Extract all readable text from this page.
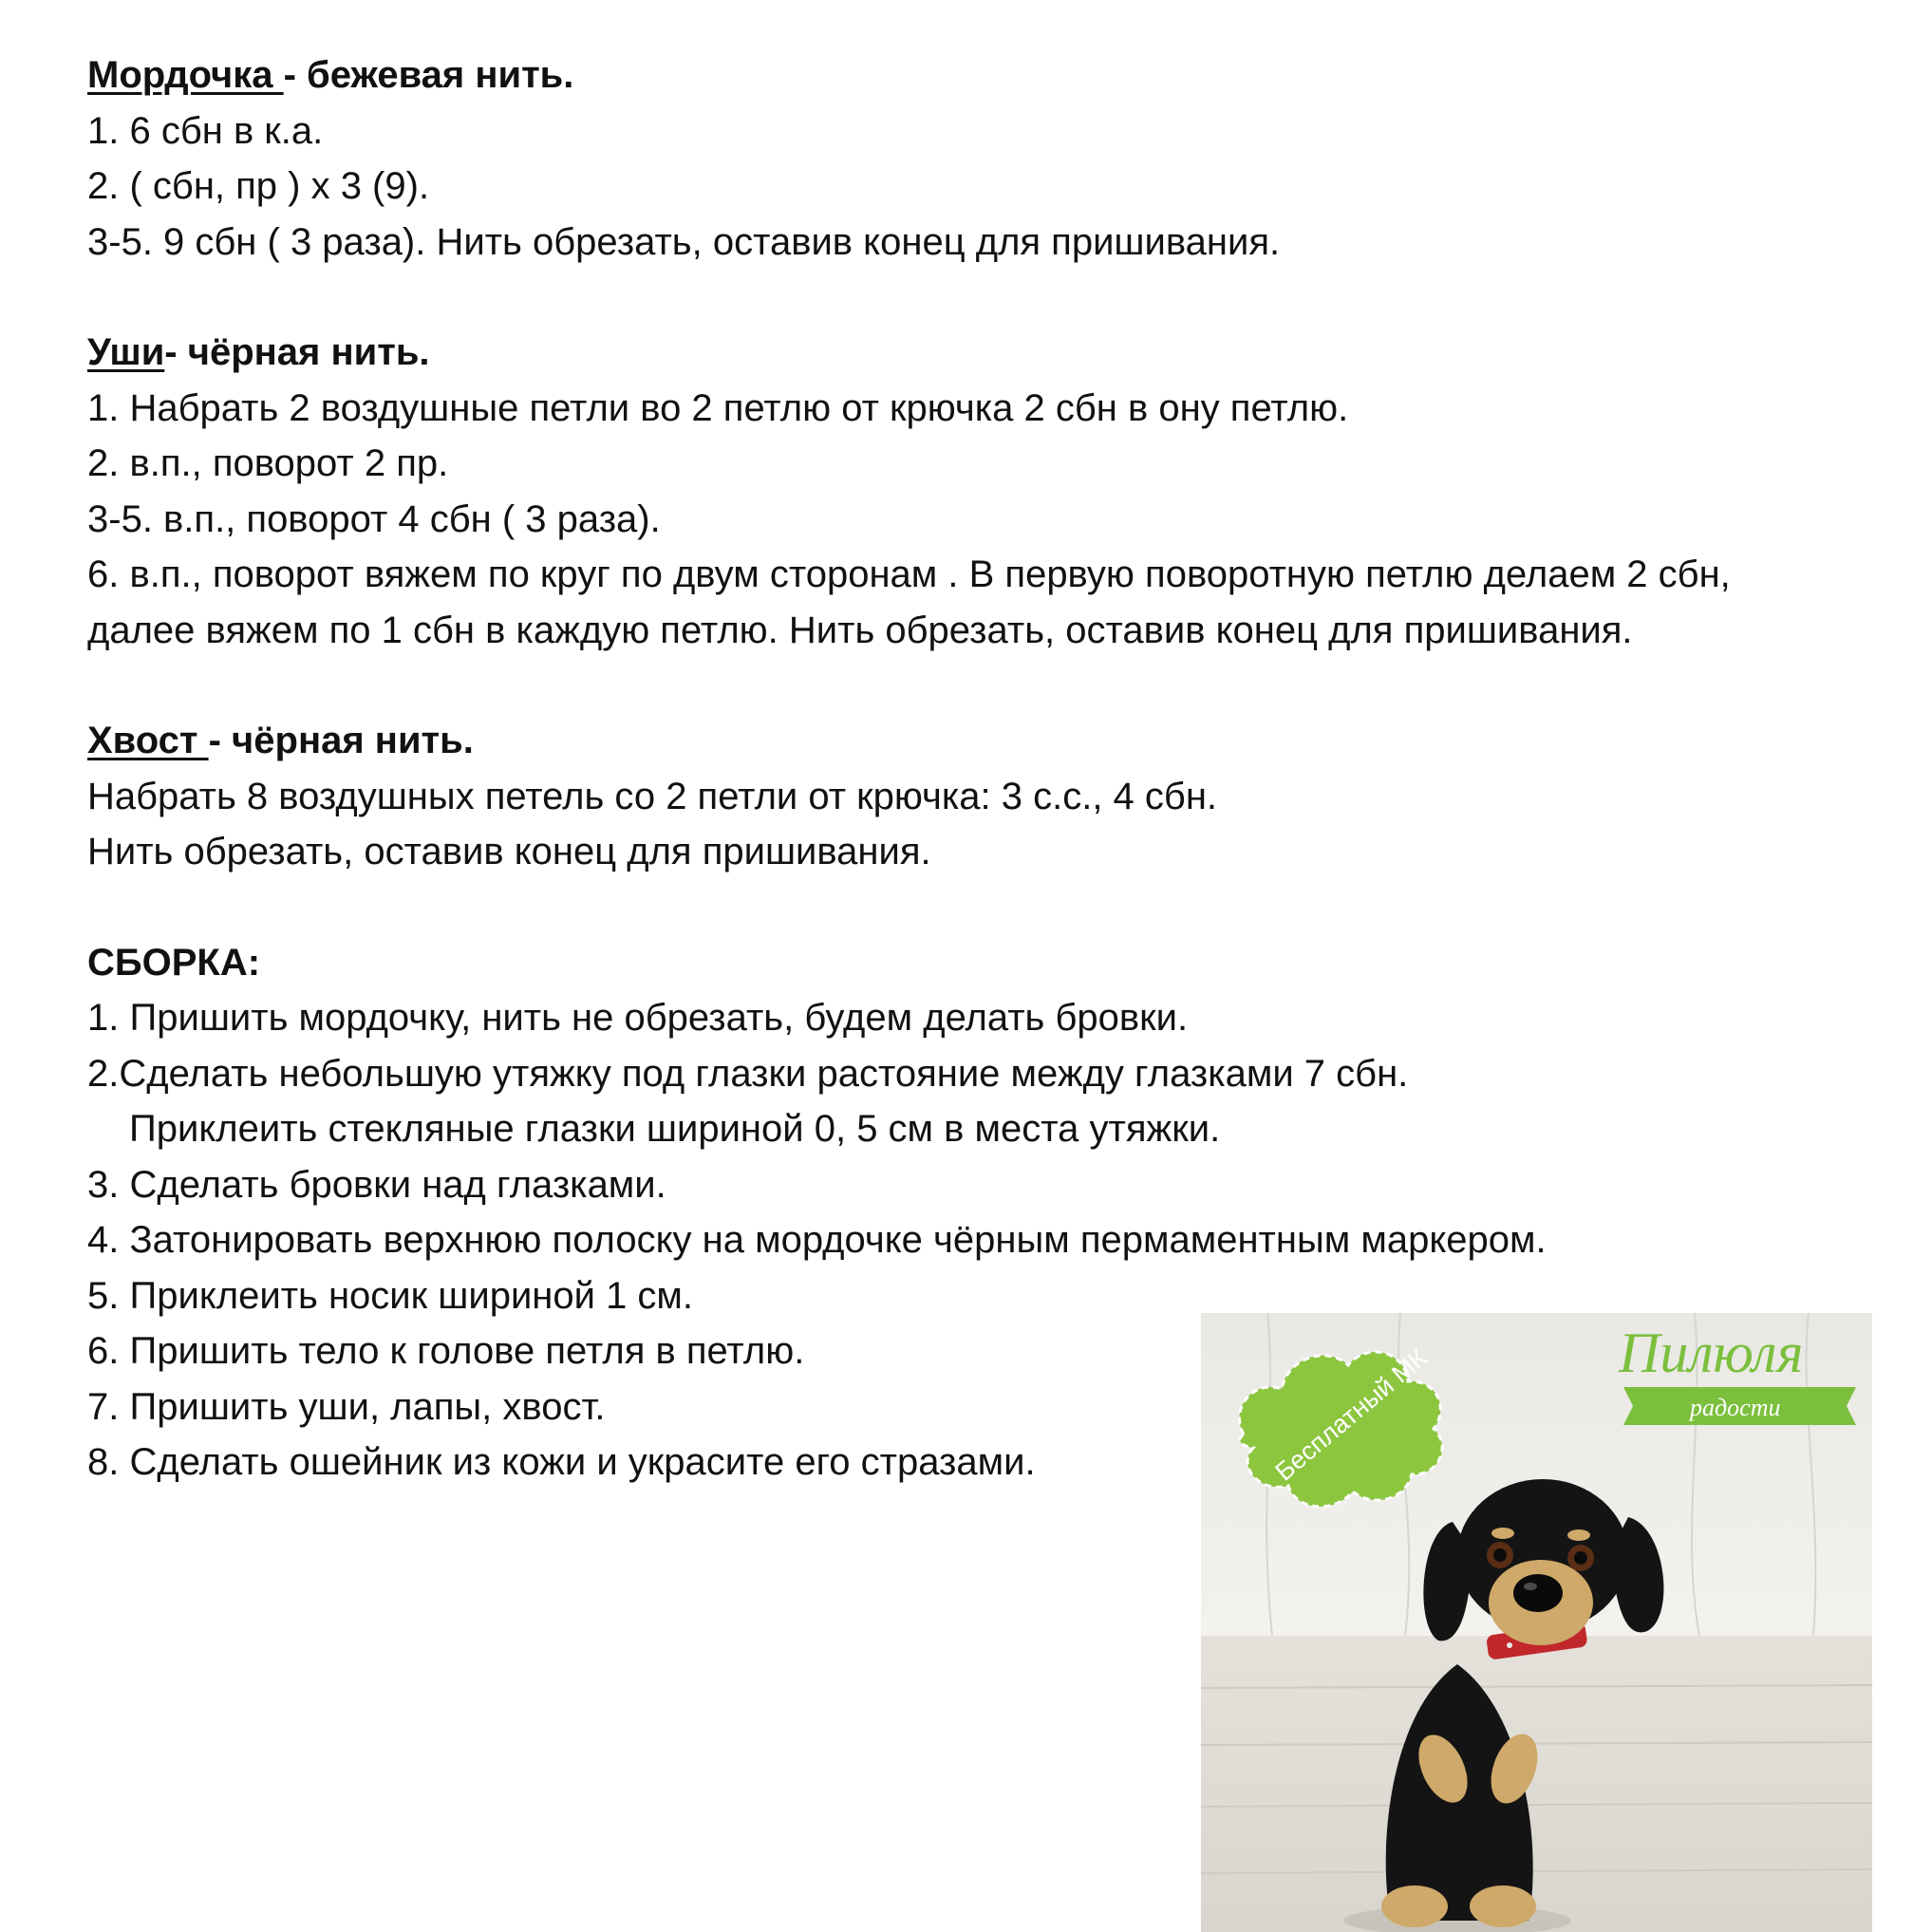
Мордочка - бежевая нить.
1. 6 сбн в к.а.
2. ( сбн, пр ) х 3 (9).
3-5. 9 сбн ( 3 раза). Нить обрезать, оставив конец для пришивания.
Уши- чёрная нить.
1. Набрать 2 воздушные петли во 2 петлю от крючка 2 сбн в ону петлю.
2. в.п., поворот 2 пр.
3-5. в.п., поворот 4 сбн ( 3 раза).
6. в.п., поворот вяжем по круг по двум сторонам . В первую поворотную петлю делаем 2 сбн,
далее вяжем по 1 сбн в каждую петлю. Нить обрезать, оставив конец для пришивания.
Хвост - чёрная нить.
Набрать 8 воздушных петель со 2 петли от крючка: 3 с.с., 4 сбн.
Нить обрезать, оставив конец для пришивания.
СБОРКА:
1. Пришить мордочку, нить не обрезать, будем делать бровки.
2.Сделать небольшую утяжку под глазки растояние между глазками 7 сбн.
Приклеить стекляные глазки шириной 0, 5 см в места утяжки.
3. Сделать бровки над глазками.
4. Затонировать верхнюю полоску на мордочке чёрным пермаментным маркером.
5. Приклеить носик шириной 1 см.
6. Пришить тело к голове петля в петлю.
7. Пришить уши, лапы, хвост.
8. Сделать ошейник из кожи и украсите его стразами.	Бесплатный МК	Пилюля
радости
